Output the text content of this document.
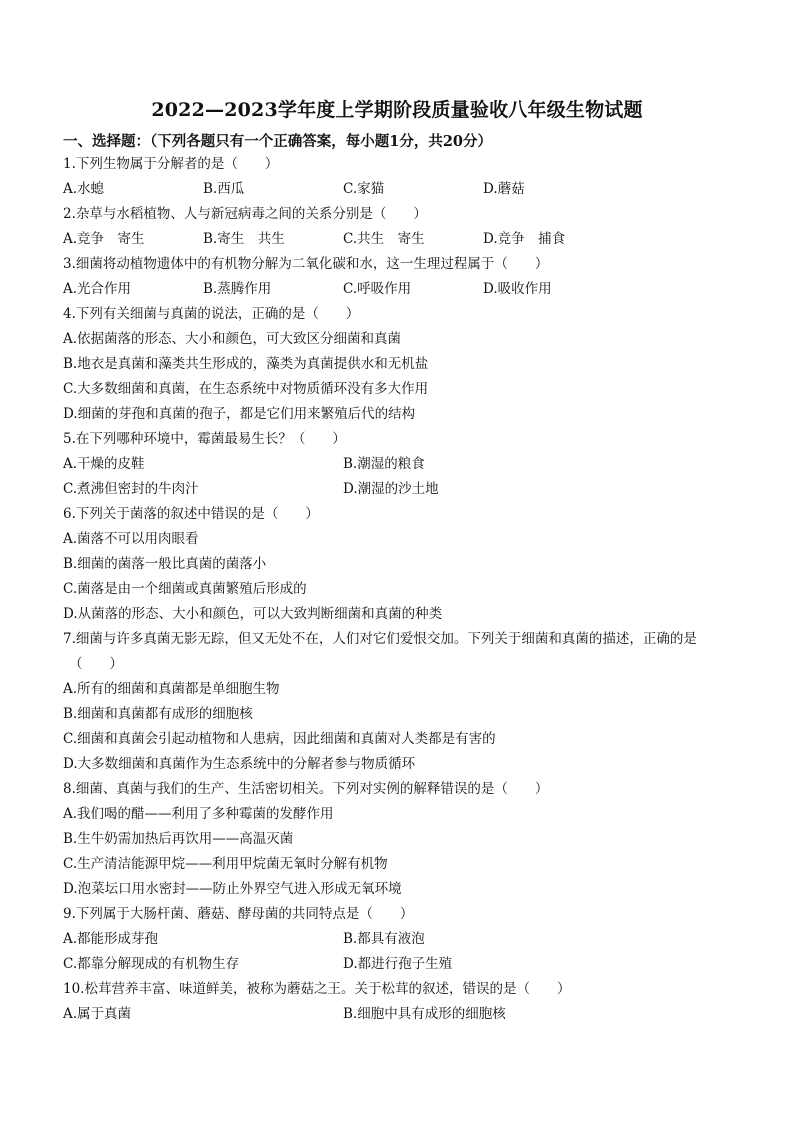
2022—2023学年度上学期阶段质量验收八年级生物试题
一、选择题：（下列各题只有一个正确答案，每小题1分，共20分）
1.下列生物属于分解者的是（　　）
A.水螅	B.西瓜	C.家猫	D.蘑菇
2.杂草与水稻植物、人与新冠病毒之间的关系分别是（　　）
A.竞争　寄生	B.寄生　共生	C.共生　寄生	D.竞争　捕食
3.细菌将动植物遗体中的有机物分解为二氧化碳和水，这一生理过程属于（　　）
A.光合作用	B.蒸腾作用	C.呼吸作用	D.吸收作用
4.下列有关细菌与真菌的说法，正确的是（　　）
A.依据菌落的形态、大小和颜色，可大致区分细菌和真菌
B.地衣是真菌和藻类共生形成的，藻类为真菌提供水和无机盐
C.大多数细菌和真菌，在生态系统中对物质循环没有多大作用
D.细菌的芽孢和真菌的孢子，都是它们用来繁殖后代的结构
5.在下列哪种环境中，霉菌最易生长？（　　）
A.干燥的皮鞋	B.潮湿的粮食
C.煮沸但密封的牛肉汁	D.潮湿的沙土地
6.下列关于菌落的叙述中错误的是（　　）
A.菌落不可以用肉眼看
B.细菌的菌落一般比真菌的菌落小
C.菌落是由一个细菌或真菌繁殖后形成的
D.从菌落的形态、大小和颜色，可以大致判断细菌和真菌的种类
7.细菌与许多真菌无影无踪，但又无处不在，人们对它们爱恨交加。下列关于细菌和真菌的描述，正确的是
（　　）
A.所有的细菌和真菌都是单细胞生物
B.细菌和真菌都有成形的细胞核
C.细菌和真菌会引起动植物和人患病，因此细菌和真菌对人类都是有害的
D.大多数细菌和真菌作为生态系统中的分解者参与物质循环
8.细菌、真菌与我们的生产、生活密切相关。下列对实例的解释错误的是（　　）
A.我们喝的醋——利用了多种霉菌的发酵作用
B.生牛奶需加热后再饮用——高温灭菌
C.生产清洁能源甲烷——利用甲烷菌无氧时分解有机物
D.泡菜坛口用水密封——防止外界空气进入形成无氧环境
9.下列属于大肠杆菌、蘑菇、酵母菌的共同特点是（　　）
A.都能形成芽孢	B.都具有液泡
C.都靠分解现成的有机物生存	D.都进行孢子生殖
10.松茸营养丰富、味道鲜美，被称为蘑菇之王。关于松茸的叙述，错误的是（　　）
A.属于真菌	B.细胞中具有成形的细胞核
